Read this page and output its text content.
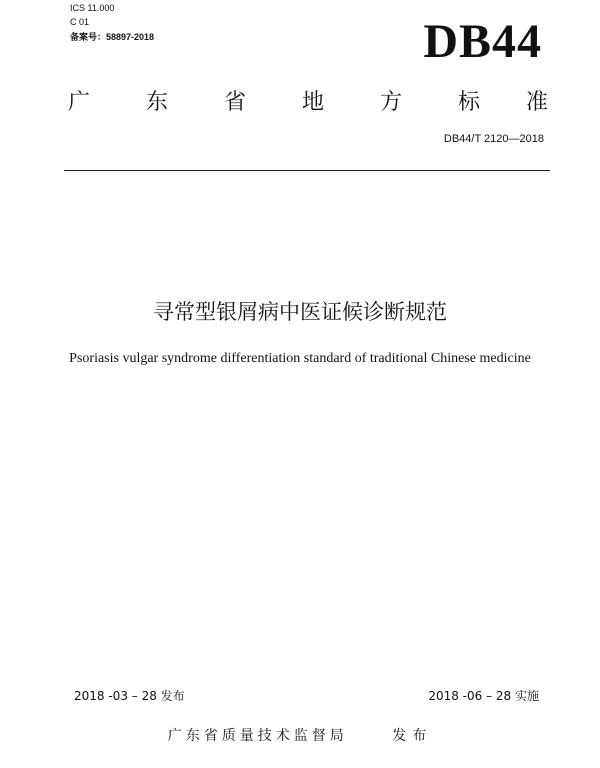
ICS 11.000
C 01
备案号：58897-2018	DB44
广	东	省	地	方	标 准
DB44/T 2120—2018
寻常型银屑病中医证候诊断规范
Psoriasis vulgar syndrome differentiation standard of traditional Chinese medicine
2018 -03 – 28 发布	2018 -06 – 28 实施
广东省质量技术监督局	发布
